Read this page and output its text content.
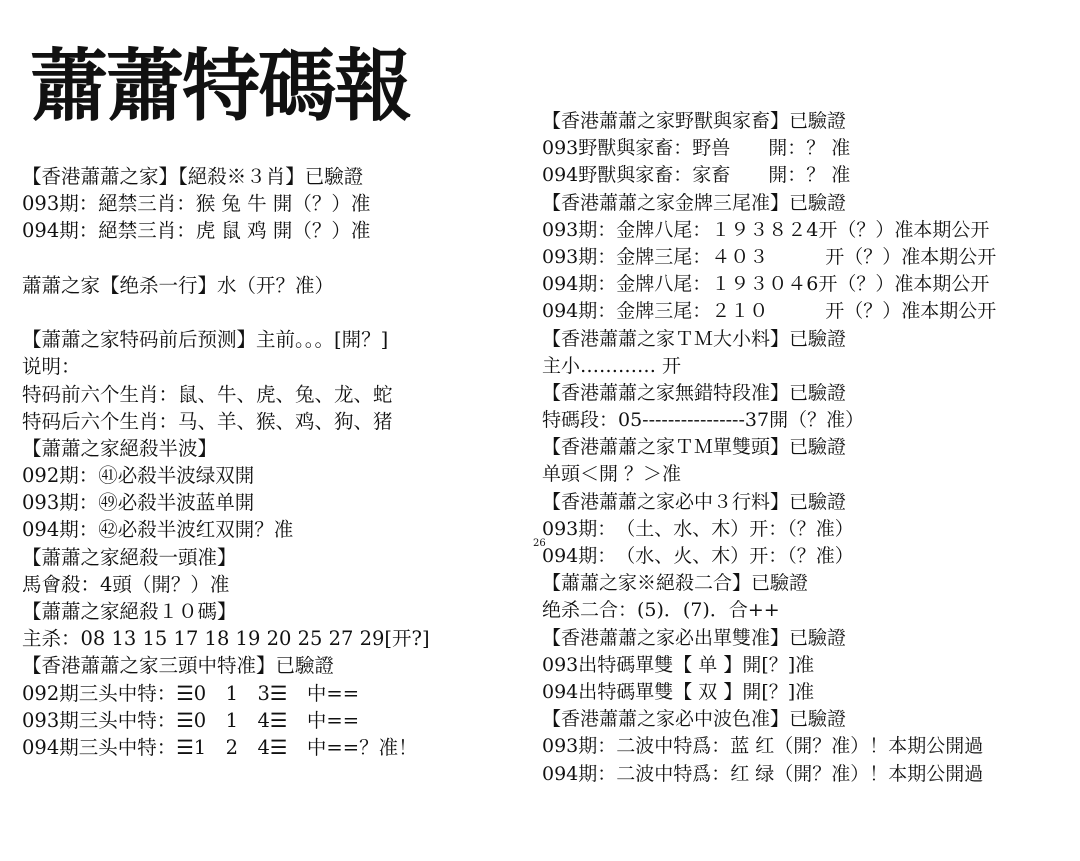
蕭蕭特碼報
【香港蕭蕭之家】【絕殺※３肖】已驗證
093期：絕禁三肖：猴 兔 牛 開（？）准
094期：絕禁三肖：虎 鼠 鸡 開（？）准
蕭蕭之家【绝杀一行】水（开？准）
【蕭蕭之家特码前后预测】主前。。。[開？]
说明：
特码前六个生肖：鼠、牛、虎、兔、龙、蛇
特码后六个生肖：马、羊、猴、鸡、狗、猪
【蕭蕭之家絕殺半波】
092期：㊶必殺半波绿双開
093期：㊾必殺半波蓝单開
094期：㊷必殺半波红双開？准
【蕭蕭之家絕殺一頭准】
馬會殺：4頭（開？）准
【蕭蕭之家絕殺１０碼】
主杀：08 13 15 17 18 19 20 25 27 29[开?]
【香港蕭蕭之家三頭中特准】已驗證
092期三头中特：☰0　1　3☰　中==
093期三头中特：☰0　1　4☰　中==
094期三头中特：☰1　2　4☰　中==？准！
26
【香港蕭蕭之家野獸與家畜】已驗證
093野獸與家畜：野兽　　開：？ 准
094野獸與家畜：家畜　　開：？ 准
【香港蕭蕭之家金牌三尾准】已驗證
093期：金牌八尾：１９３８２4开（？）准本期公开
093期：金牌三尾：４０３　　　开（？）准本期公开
094期：金牌八尾：１９３０４6开（？）准本期公开
094期：金牌三尾：２１０　　　开（？）准本期公开
【香港蕭蕭之家ＴＭ大小料】已驗證
主小………… 开
【香港蕭蕭之家無錯特段准】已驗證
特碼段：05----------------37開（？准）
【香港蕭蕭之家ＴＭ單雙頭】已驗證
单頭＜開 ？＞准
【香港蕭蕭之家必中３行料】已驗證
093期：　（土、水、木）开：（？准）
094期：　（水、火、木）开：（？准）
【蕭蕭之家※絕殺二合】已驗證
绝杀二合：(5)．(7)．合++
【香港蕭蕭之家必出單雙准】已驗證
093出特碼單雙【 单 】開[？]准
094出特碼單雙【 双 】開[？]准
【香港蕭蕭之家必中波色准】已驗證
093期：二波中特爲：蓝 红（開？准）！本期公開過
094期：二波中特爲：红 绿（開？准）！本期公開過
